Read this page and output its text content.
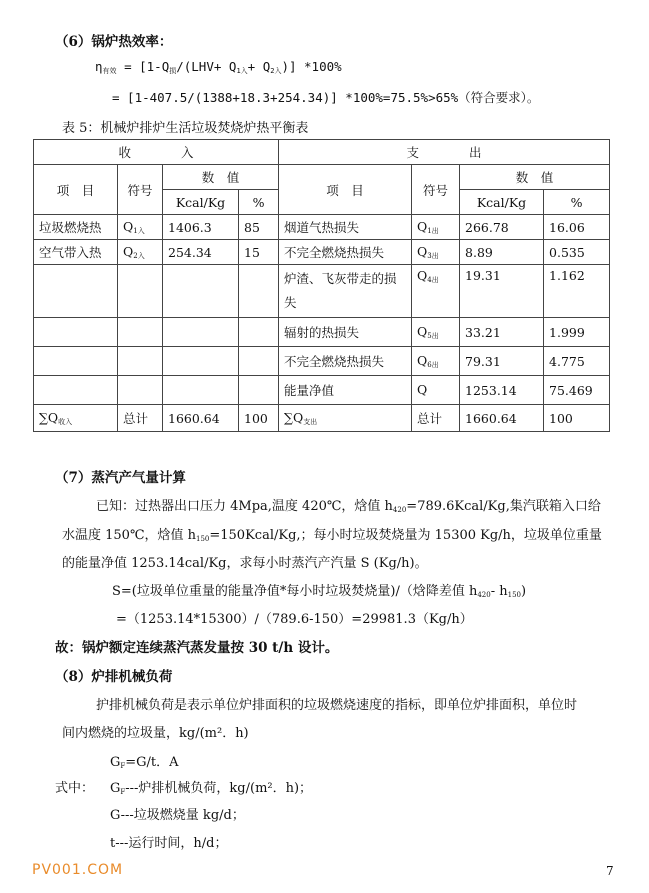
（6）锅炉热效率：
$\eta_{有效} = [1-Q_损/(LHV+ Q_{1入}+ Q_{2入})]$ *100%
= [1-407.5/(1388+18.3+254.34)] *100%=75.5%>65%（符合要求）。
表 5：机械炉排炉生活垃圾焚烧炉热平衡表
收　　　　入				支　　　　出			
项　目	符号	数　值		项　目	符号	数　值	
		Kcal/Kg	%			Kcal/Kg	%
垃圾燃烧热	$Q_{1入}$	1406.3	85	烟道气热损失	$Q_{1出}$	266.78	16.06
空气带入热	$Q_{2入}$	254.34	15	不完全燃烧热损失	$Q_{3出}$	8.89	0.535
				炉渣、飞灰带走的损失	$Q_{4出}$	19.31	1.162
				辐射的热损失	$Q_{5出}$	33.21	1.999
				不完全燃烧热损失	$Q_{6出}$	79.31	4.775
				能量净值	Q	1253.14	75.469
$\sum Q_{收入}$	总计	1660.64	100	$\sum Q_{支出}$	总计	1660.64	100
（7）蒸汽产气量计算
已知：过热器出口压力 4Mpa,温度 420℃，焓值 $h_{420}=789.6Kcal/Kg$,集汽联箱入口给
水温度 150℃，焓值 $h_{150}=150Kcal/Kg$,；每小时垃圾焚烧量为 15300 Kg/h，垃圾单位重量
的能量净值 1253.14cal/Kg，求每小时蒸汽产汽量 S (Kg/h)。
S=(垃圾单位重量的能量净值*每小时垃圾焚烧量)/（焓降差值 $h_{420}-$ $h_{150}$)
=（1253.14*15300）/（789.6-150）=29981.3（Kg/h）
故：锅炉额定连续蒸汽蒸发量按 30 t/h 设计。
（8）炉排机械负荷
护排机械负荷是表示单位炉排面积的垃圾燃烧速度的指标，即单位炉排面积，单位时
间内燃烧的垃圾量，kg/(m²．h)
$G_F=G/t$．A
式中： $G_F---$炉排机械负荷，kg/(m²．h)；
G---垃圾燃烧量 kg/d；
t---运行时间，h/d；
PV001.COM	7
